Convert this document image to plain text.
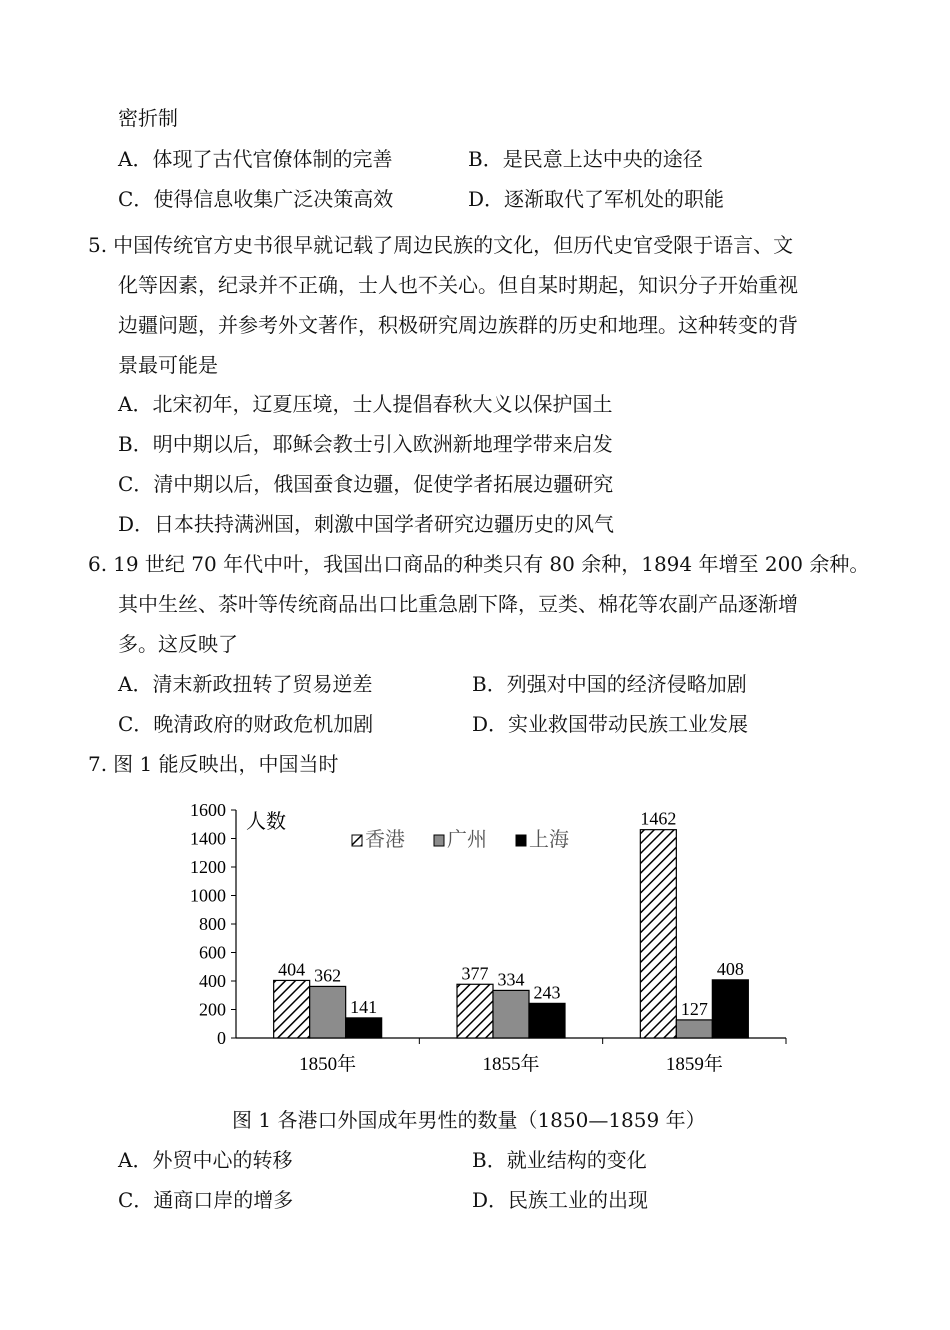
密折制
A．体现了古代官僚体制的完善	B．是民意上达中央的途径
C．使得信息收集广泛决策高效	D．逐渐取代了军机处的职能
5. 中国传统官方史书很早就记载了周边民族的文化，但历代史官受限于语言、文
化等因素，纪录并不正确，士人也不关心。但自某时期起，知识分子开始重视
边疆问题，并参考外文著作，积极研究周边族群的历史和地理。这种转变的背
景最可能是
A．北宋初年，辽夏压境，士人提倡春秋大义以保护国土
B．明中期以后，耶稣会教士引入欧洲新地理学带来启发
C．清中期以后，俄国蚕食边疆，促使学者拓展边疆研究
D．日本扶持满洲国，刺激中国学者研究边疆历史的风气
6. 19 世纪 70 年代中叶，我国出口商品的种类只有 80 余种，1894 年增至 200 余种。
其中生丝、茶叶等传统商品出口比重急剧下降，豆类、棉花等农副产品逐渐增
多。这反映了
A．清末新政扭转了贸易逆差	B．列强对中国的经济侵略加剧
C．晚清政府的财政危机加剧	D．实业救国带动民族工业发展
7. 图 1 能反映出，中国当时
0
200
400
600
800
1000
1200
1400
1600
人数
1850年
404 362
141
1855年
377 334
243
1859年
1462
127
408
香港 广州 上海
图 1 各港口外国成年男性的数量（1850—1859 年）
A．外贸中心的转移	B．就业结构的变化
C．通商口岸的增多	D．民族工业的出现
